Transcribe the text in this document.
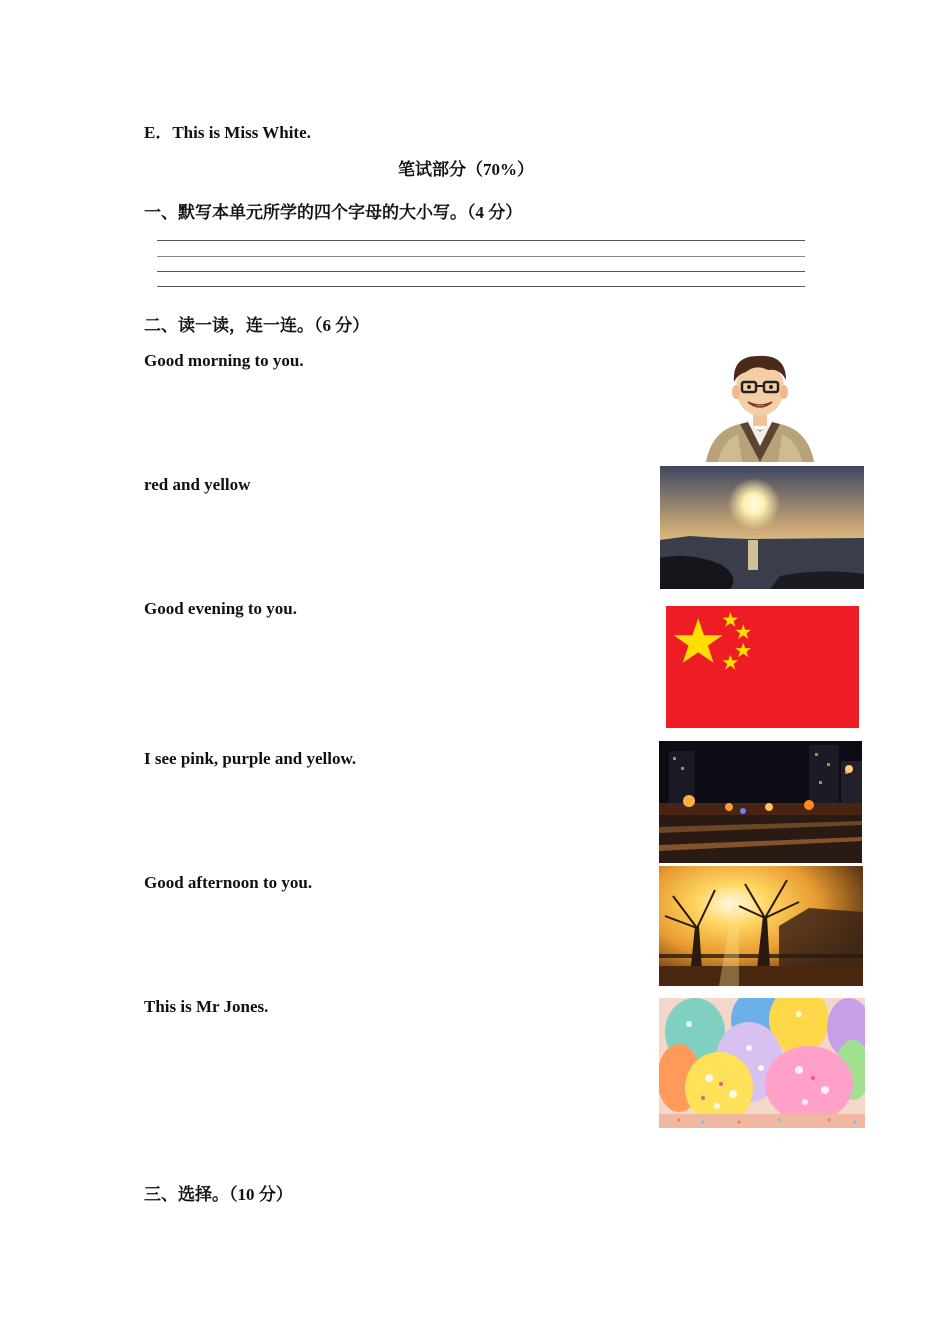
E．This is Miss White.
笔试部分（70%）
一、默写本单元所学的四个字母的大小写。（4 分）
二、读一读，连一连。（6 分）
Good morning to you.
red and yellow
Good evening to you.
I see pink, purple and yellow.
Good afternoon to you.
This is Mr Jones.
三、选择。（10 分）
